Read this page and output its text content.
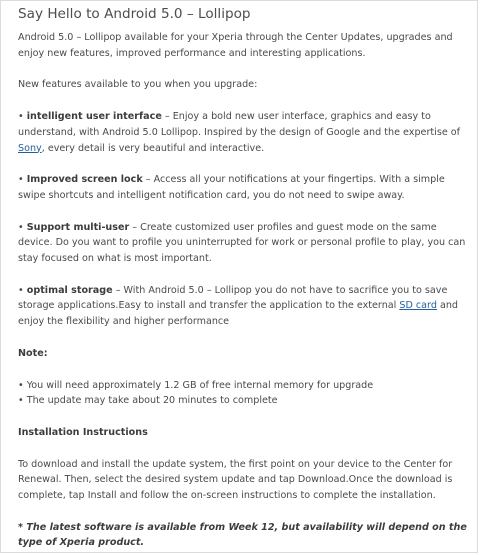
Say Hello to Android 5.0 – Lollipop

Android 5.0 – Lollipop available for your Xperia through the Center Updates, upgrades and enjoy new features, improved performance and interesting applications.

New features available to you when you upgrade:

• intelligent user interface – Enjoy a bold new user interface, graphics and easy to understand, with Android 5.0 Lollipop. Inspired by the design of Google and the expertise of Sony, every detail is very beautiful and interactive.

• Improved screen lock – Access all your notifications at your fingertips. With a simple swipe shortcuts and intelligent notification card, you do not need to swipe away.

• Support multi-user – Create customized user profiles and guest mode on the same device. Do you want to profile you uninterrupted for work or personal profile to play, you can stay focused on what is most important.

• optimal storage – With Android 5.0 – Lollipop you do not have to sacrifice you to save storage applications.Easy to install and transfer the application to the external SD card and enjoy the flexibility and higher performance

Note:

• You will need approximately 1.2 GB of free internal memory for upgrade
• The update may take about 20 minutes to complete

Installation Instructions

To download and install the update system, the first point on your device to the Center for Renewal. Then, select the desired system update and tap Download.Once the download is complete, tap Install and follow the on-screen instructions to complete the installation.

* The latest software is available from Week 12, but availability will depend on the type of Xperia product.
